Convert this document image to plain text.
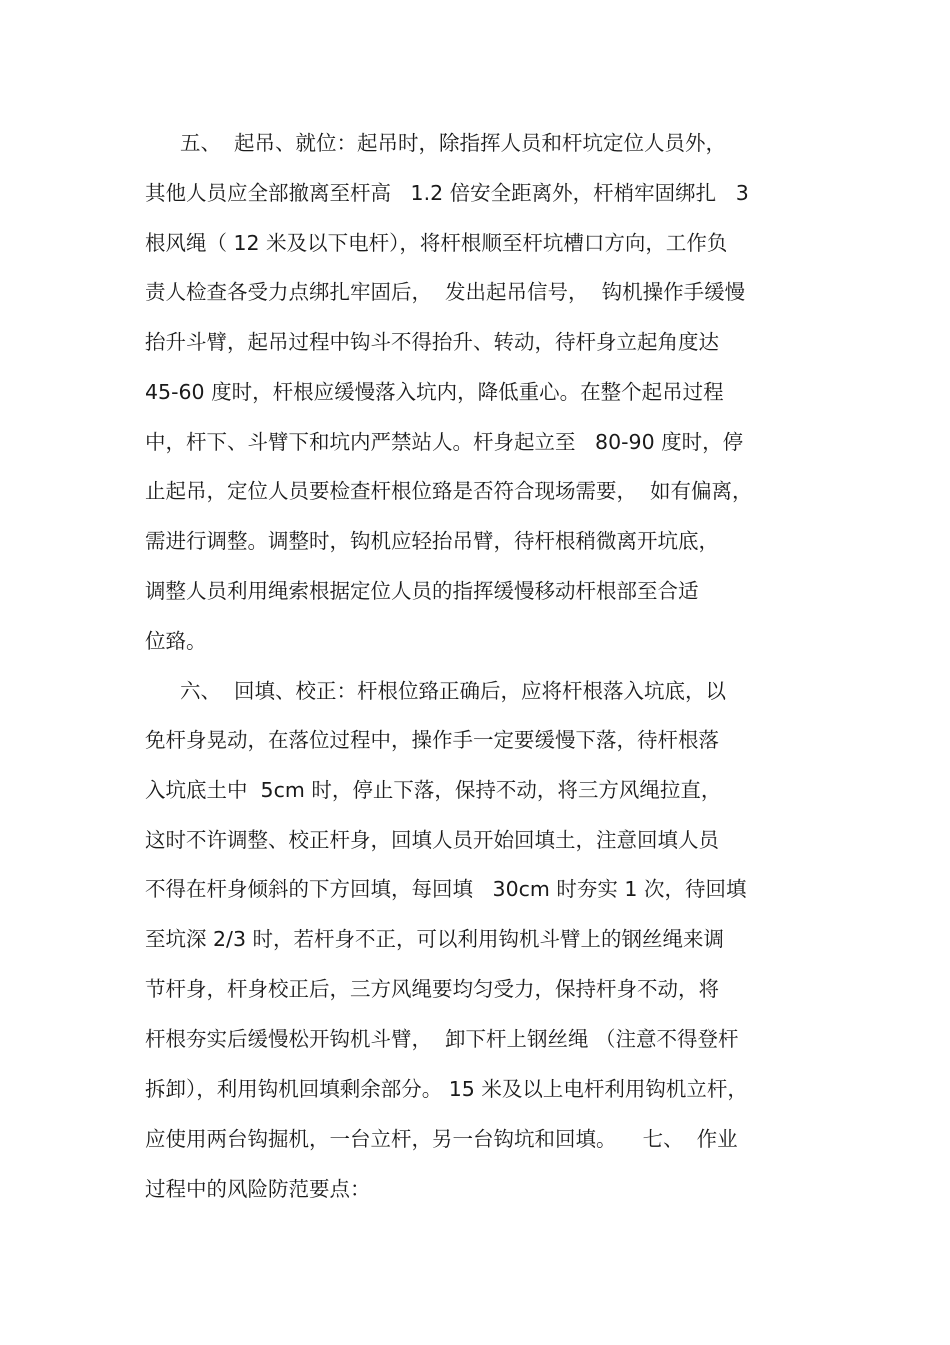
五、  起吊、就位：起吊时，除指挥人员和杆坑定位人员外，
其他人员应全部撤离至杆高   1.2 倍安全距离外，杆梢牢固绑扎   3
根风绳（ 12 米及以下电杆），将杆根顺至杆坑槽口方向，工作负
责人检查各受力点绑扎牢固后，  发出起吊信号，  钩机操作手缓慢
抬升斗臂，起吊过程中钩斗不得抬升、转动，待杆身立起角度达
45-60 度时，杆根应缓慢落入坑内，降低重心。在整个起吊过程
中，杆下、斗臂下和坑内严禁站人。杆身起立至   80-90 度时，停
止起吊，定位人员要检查杆根位臵是否符合现场需要，  如有偏离，
需进行调整。调整时，钩机应轻抬吊臂，待杆根稍微离开坑底，
调整人员利用绳索根据定位人员的指挥缓慢移动杆根部至合适
位臵。
六、  回填、校正：杆根位臵正确后，应将杆根落入坑底，以
免杆身晃动，在落位过程中，操作手一定要缓慢下落，待杆根落
入坑底土中  5cm 时，停止下落，保持不动，将三方风绳拉直，
这时不许调整、校正杆身，回填人员开始回填土，注意回填人员
不得在杆身倾斜的下方回填，每回填   30cm 时夯实 1 次，待回填
至坑深 2/3 时，若杆身不正，可以利用钩机斗臂上的钢丝绳来调
节杆身，杆身校正后，三方风绳要均匀受力，保持杆身不动，将
杆根夯实后缓慢松开钩机斗臂，  卸下杆上钢丝绳 （注意不得登杆
拆卸），利用钩机回填剩余部分。 15 米及以上电杆利用钩机立杆，
应使用两台钩掘机，一台立杆，另一台钩坑和回填。    七、  作业
过程中的风险防范要点：
